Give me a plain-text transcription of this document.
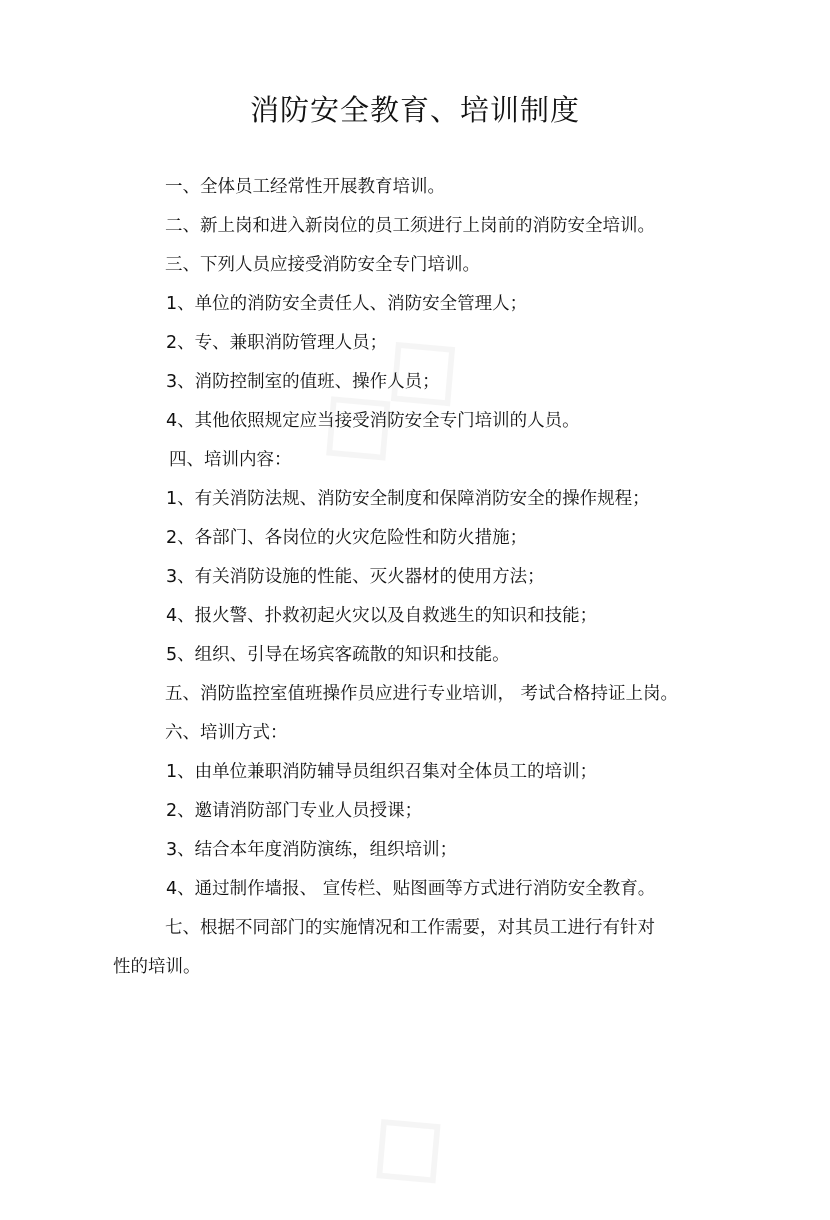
消防安全教育、培训制度

一、全体员工经常性开展教育培训。

二、新上岗和进入新岗位的员工须进行上岗前的消防安全培训。

三、下列人员应接受消防安全专门培训。

1、单位的消防安全责任人、消防安全管理人；

2、专、兼职消防管理人员；

3、消防控制室的值班、操作人员；

4、其他依照规定应当接受消防安全专门培训的人员。

四、培训内容：

1、有关消防法规、消防安全制度和保障消防安全的操作规程；

2、各部门、各岗位的火灾危险性和防火措施；

3、有关消防设施的性能、灭火器材的使用方法；

4、报火警、扑救初起火灾以及自救逃生的知识和技能；

5、组织、引导在场宾客疏散的知识和技能。

五、消防监控室值班操作员应进行专业培训， 考试合格持证上岗。

六、培训方式：

1、由单位兼职消防辅导员组织召集对全体员工的培训；

2、邀请消防部门专业人员授课；

3、结合本年度消防演练，组织培训；

4、通过制作墙报、 宣传栏、贴图画等方式进行消防安全教育。

七、根据不同部门的实施情况和工作需要，对其员工进行有针对

性的培训。
